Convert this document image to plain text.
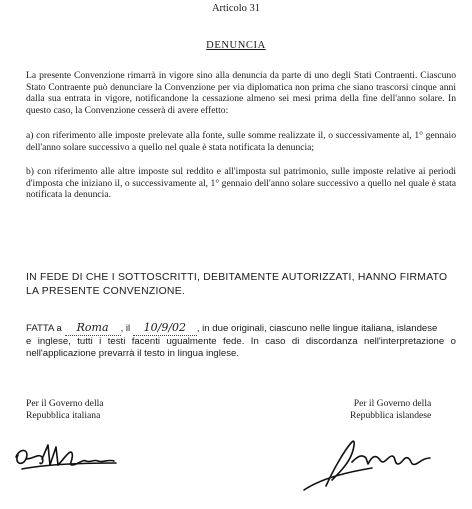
Articolo 31
DENUNCIA
La presente Convenzione rimarrà in vigore sino alla denuncia da parte di uno degli Stati Contraenti. Ciascuno Stato Contraente può denunciare la Convenzione per via diplomatica non prima che siano trascorsi cinque anni dalla sua entrata in vigore, notificandone la cessazione almeno sei mesi prima della fine dell'anno solare. In questo caso, la Convenzione cesserà di avere effetto:
a) con riferimento alle imposte prelevate alla fonte, sulle somme realizzate il, o successivamente al, 1° gennaio dell'anno solare successivo a quello nel quale è stata notificata la denuncia;
b) con riferimento alle altre imposte sul reddito e all'imposta sul patrimonio, sulle imposte relative ai periodi d'imposta che iniziano il, o successivamente al, 1° gennaio dell'anno solare successivo a quello nel quale è stata notificata la denuncia.
IN FEDE DI CHE I SOTTOSCRITTI, DEBITAMENTE AUTORIZZATI, HANNO FIRMATO LA PRESENTE CONVENZIONE.
FATTA a Roma , il 10/9/02 , in due originali, ciascuno nelle lingue italiana, islandese
e inglese, tutti i testi facenti ugualmente fede. In caso di discordanza nell'interpretazione o nell'applicazione prevarrà il testo in lingua inglese.
Per il Governo della
Repubblica italiana
Per il Governo della
Repubblica islandese
